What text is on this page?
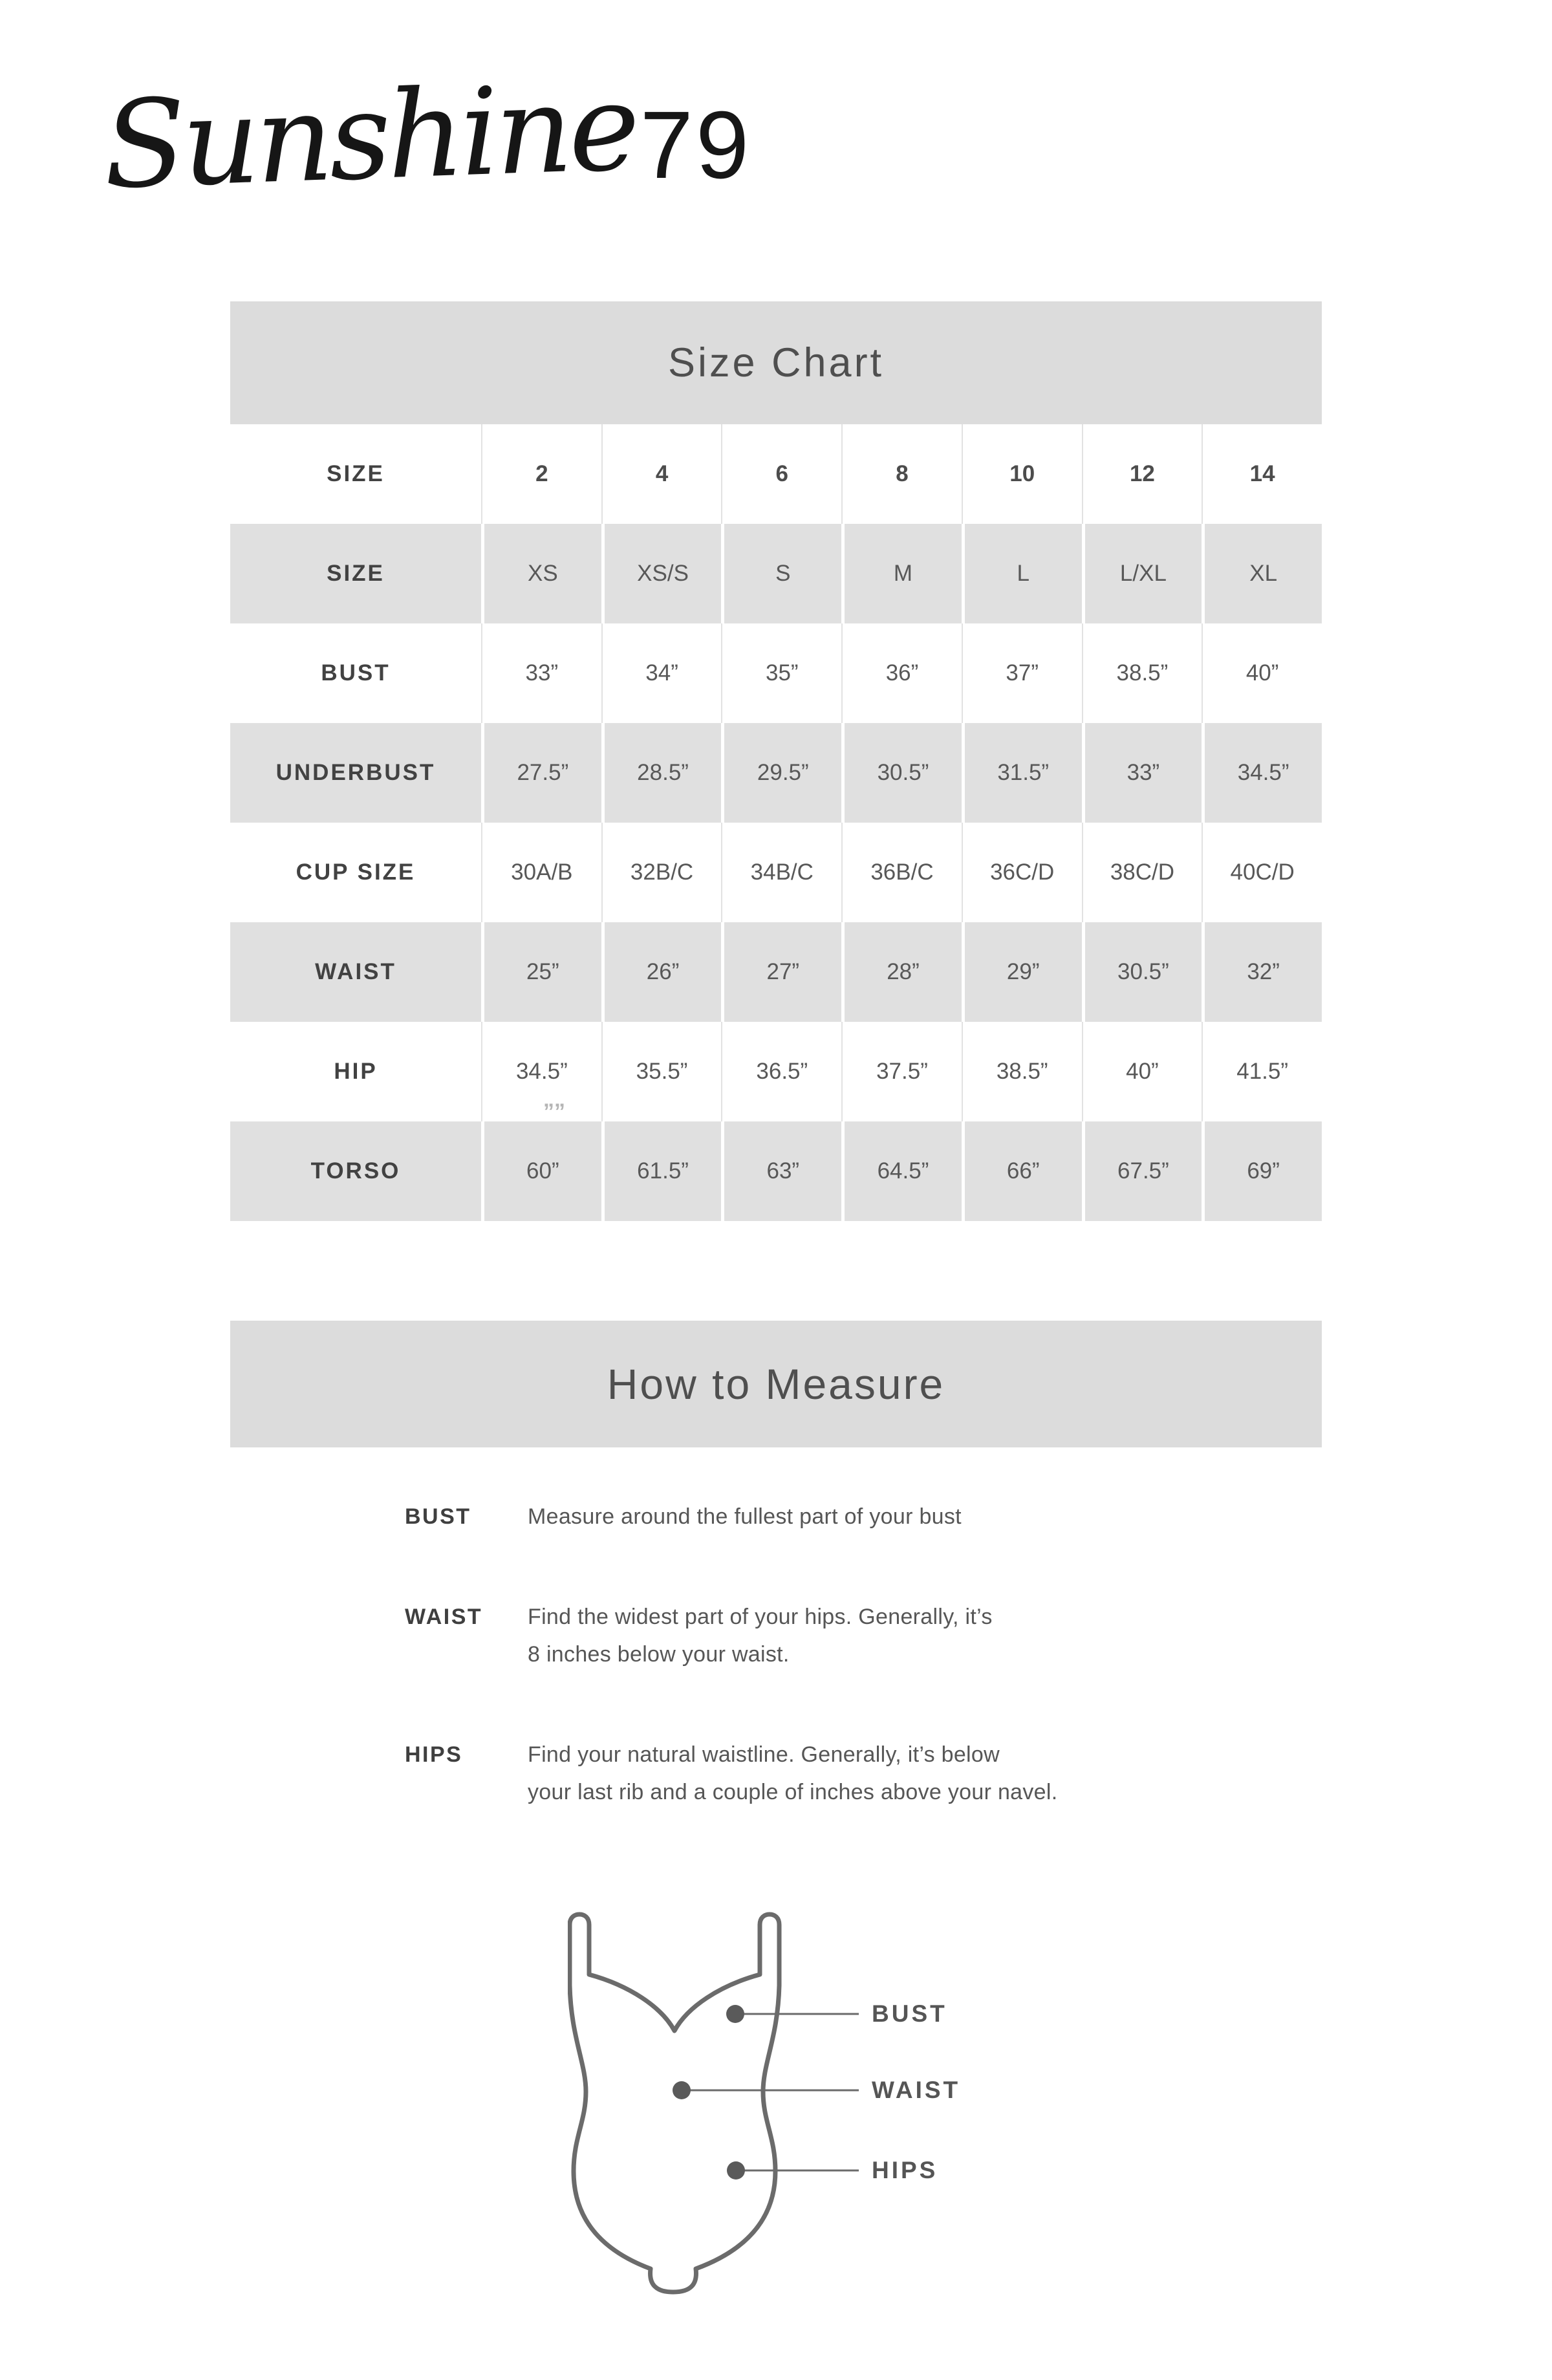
Sunshine 79
Size Chart
SIZE	2	4	6	8	10	12	14
SIZE	XS	XS/S	S	M	L	L/XL	XL
BUST	33”	34”	35”	36”	37”	38.5”	40”
UNDERBUST	27.5”	28.5”	29.5”	30.5”	31.5”	33”	34.5”
CUP SIZE	30A/B	32B/C	34B/C	36B/C	36C/D	38C/D	40C/D
WAIST	25”	26”	27”	28”	29”	30.5”	32”
HIP	34.5”	35.5”	36.5”	37.5”	38.5”	40”	41.5”
TORSO	60”	61.5”	63”	64.5”	66”	67.5”	69”
””
How to Measure
BUST	Measure around the fullest part of your bust
WAIST	Find the widest part of your hips. Generally, it’s
8 inches below your waist.
HIPS	Find your natural waistline. Generally, it’s below
your last rib and a couple of inches above your navel.
BUST
WAIST
HIPS
